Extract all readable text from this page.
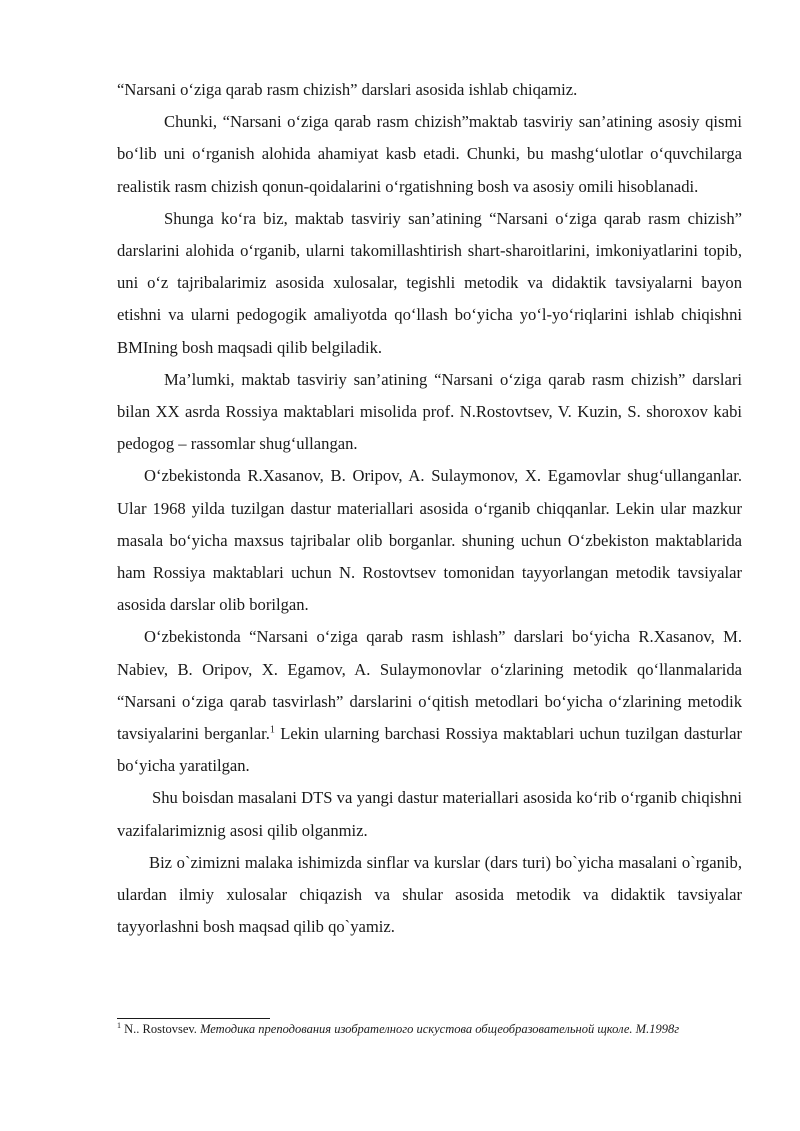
“Narsani o‘ziga qarab rasm chizish” darslari asosida ishlab chiqamiz.

Chunki, “Narsani o‘ziga qarab rasm chizish”maktab tasviriy san’atining asosiy qismi bo‘lib uni o‘rganish alohida ahamiyat kasb etadi. Chunki, bu mashg‘ulotlar o‘quvchilarga realistik rasm chizish qonun-qoidalarini o‘rgatishning bosh va asosiy omili hisoblanadi.

Shunga ko‘ra biz, maktab tasviriy san’atining “Narsani o‘ziga qarab rasm chizish” darslarini alohida o‘rganib, ularni takomillashtirish shart-sharoitlarini, imkoniyatlarini topib, uni o‘z tajribalarimiz asosida xulosalar, tegishli metodik va didaktik tavsiyalarni bayon etishni va ularni pedogogik amaliyotda qo‘llash bo‘yicha yo‘l-yo‘riqlarini ishlab chiqishni BMIning bosh maqsadi qilib belgiladik.

Ma’lumki, maktab tasviriy san’atining “Narsani o‘ziga qarab rasm chizish” darslari bilan XX asrda Rossiya maktablari misolida prof. N.Rostovtsev, V. Kuzin, S. shoroxov kabi pedogog – rassomlar shug‘ullangan.

O‘zbekistonda R.Xasanov, B. Oripov, A. Sulaymonov, X. Egamovlar shug‘ullanganlar. Ular 1968 yilda tuzilgan dastur materiallari asosida o‘rganib chiqqanlar. Lekin ular mazkur masala bo‘yicha maxsus tajribalar olib borganlar. shuning uchun O‘zbekiston maktablarida ham Rossiya maktablari uchun N. Rostovtsev tomonidan tayyorlangan metodik tavsiyalar asosida darslar olib borilgan.

O‘zbekistonda “Narsani o‘ziga qarab rasm ishlash” darslari bo‘yicha R.Xasanov, M. Nabiev, B. Oripov, X. Egamov, A. Sulaymonovlar o‘zlarining metodik qo‘llanmalarida “Narsani o‘ziga qarab tasvirlash” darslarini o‘qitish metodlari bo‘yicha o‘zlarining metodik tavsiyalarini berganlar.$^1$ Lekin ularning barchasi Rossiya maktablari uchun tuzilgan dasturlar bo‘yicha yaratilgan.

Shu boisdan masalani DTS va yangi dastur materiallari asosida ko‘rib o‘rganib chiqishni vazifalarimiznig asosi qilib olganmiz.

Biz o`zimizni malaka ishimizda sinflar va kurslar (dars turi) bo`yicha masalani o`rganib, ulardan ilmiy xulosalar chiqazish va shular asosida metodik va didaktik tavsiyalar tayyorlashni bosh maqsad qilib qo`yamiz.

$^1$ N.. Rostovsev. Методика преподования изобрателного искустова общеобразовательной щколе. М.1998г
